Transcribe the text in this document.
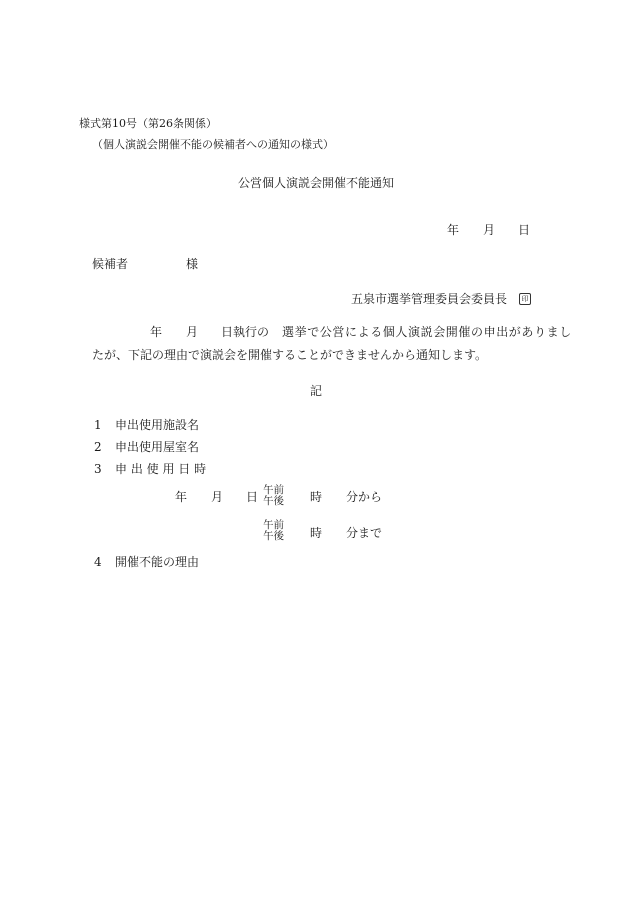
様式第10号（第26条関係）
（個人演説会開催不能の候補者への通知の様式）
公営個人演説会開催不能通知
年 月 日
候補者	様
五泉市選挙管理委員会委員長	印
年 月 日執行の 選挙で公営による個人演説会開催の申出がありまし
たが、下記の理由で演説会を開催することができませんから通知します。
記
1 申出使用施設名
2 申出使用屋室名
3 申 出 使 用 日 時
年 月 日 午前
午後 時 分から
午前
午後 時 分まで
4 開催不能の理由
